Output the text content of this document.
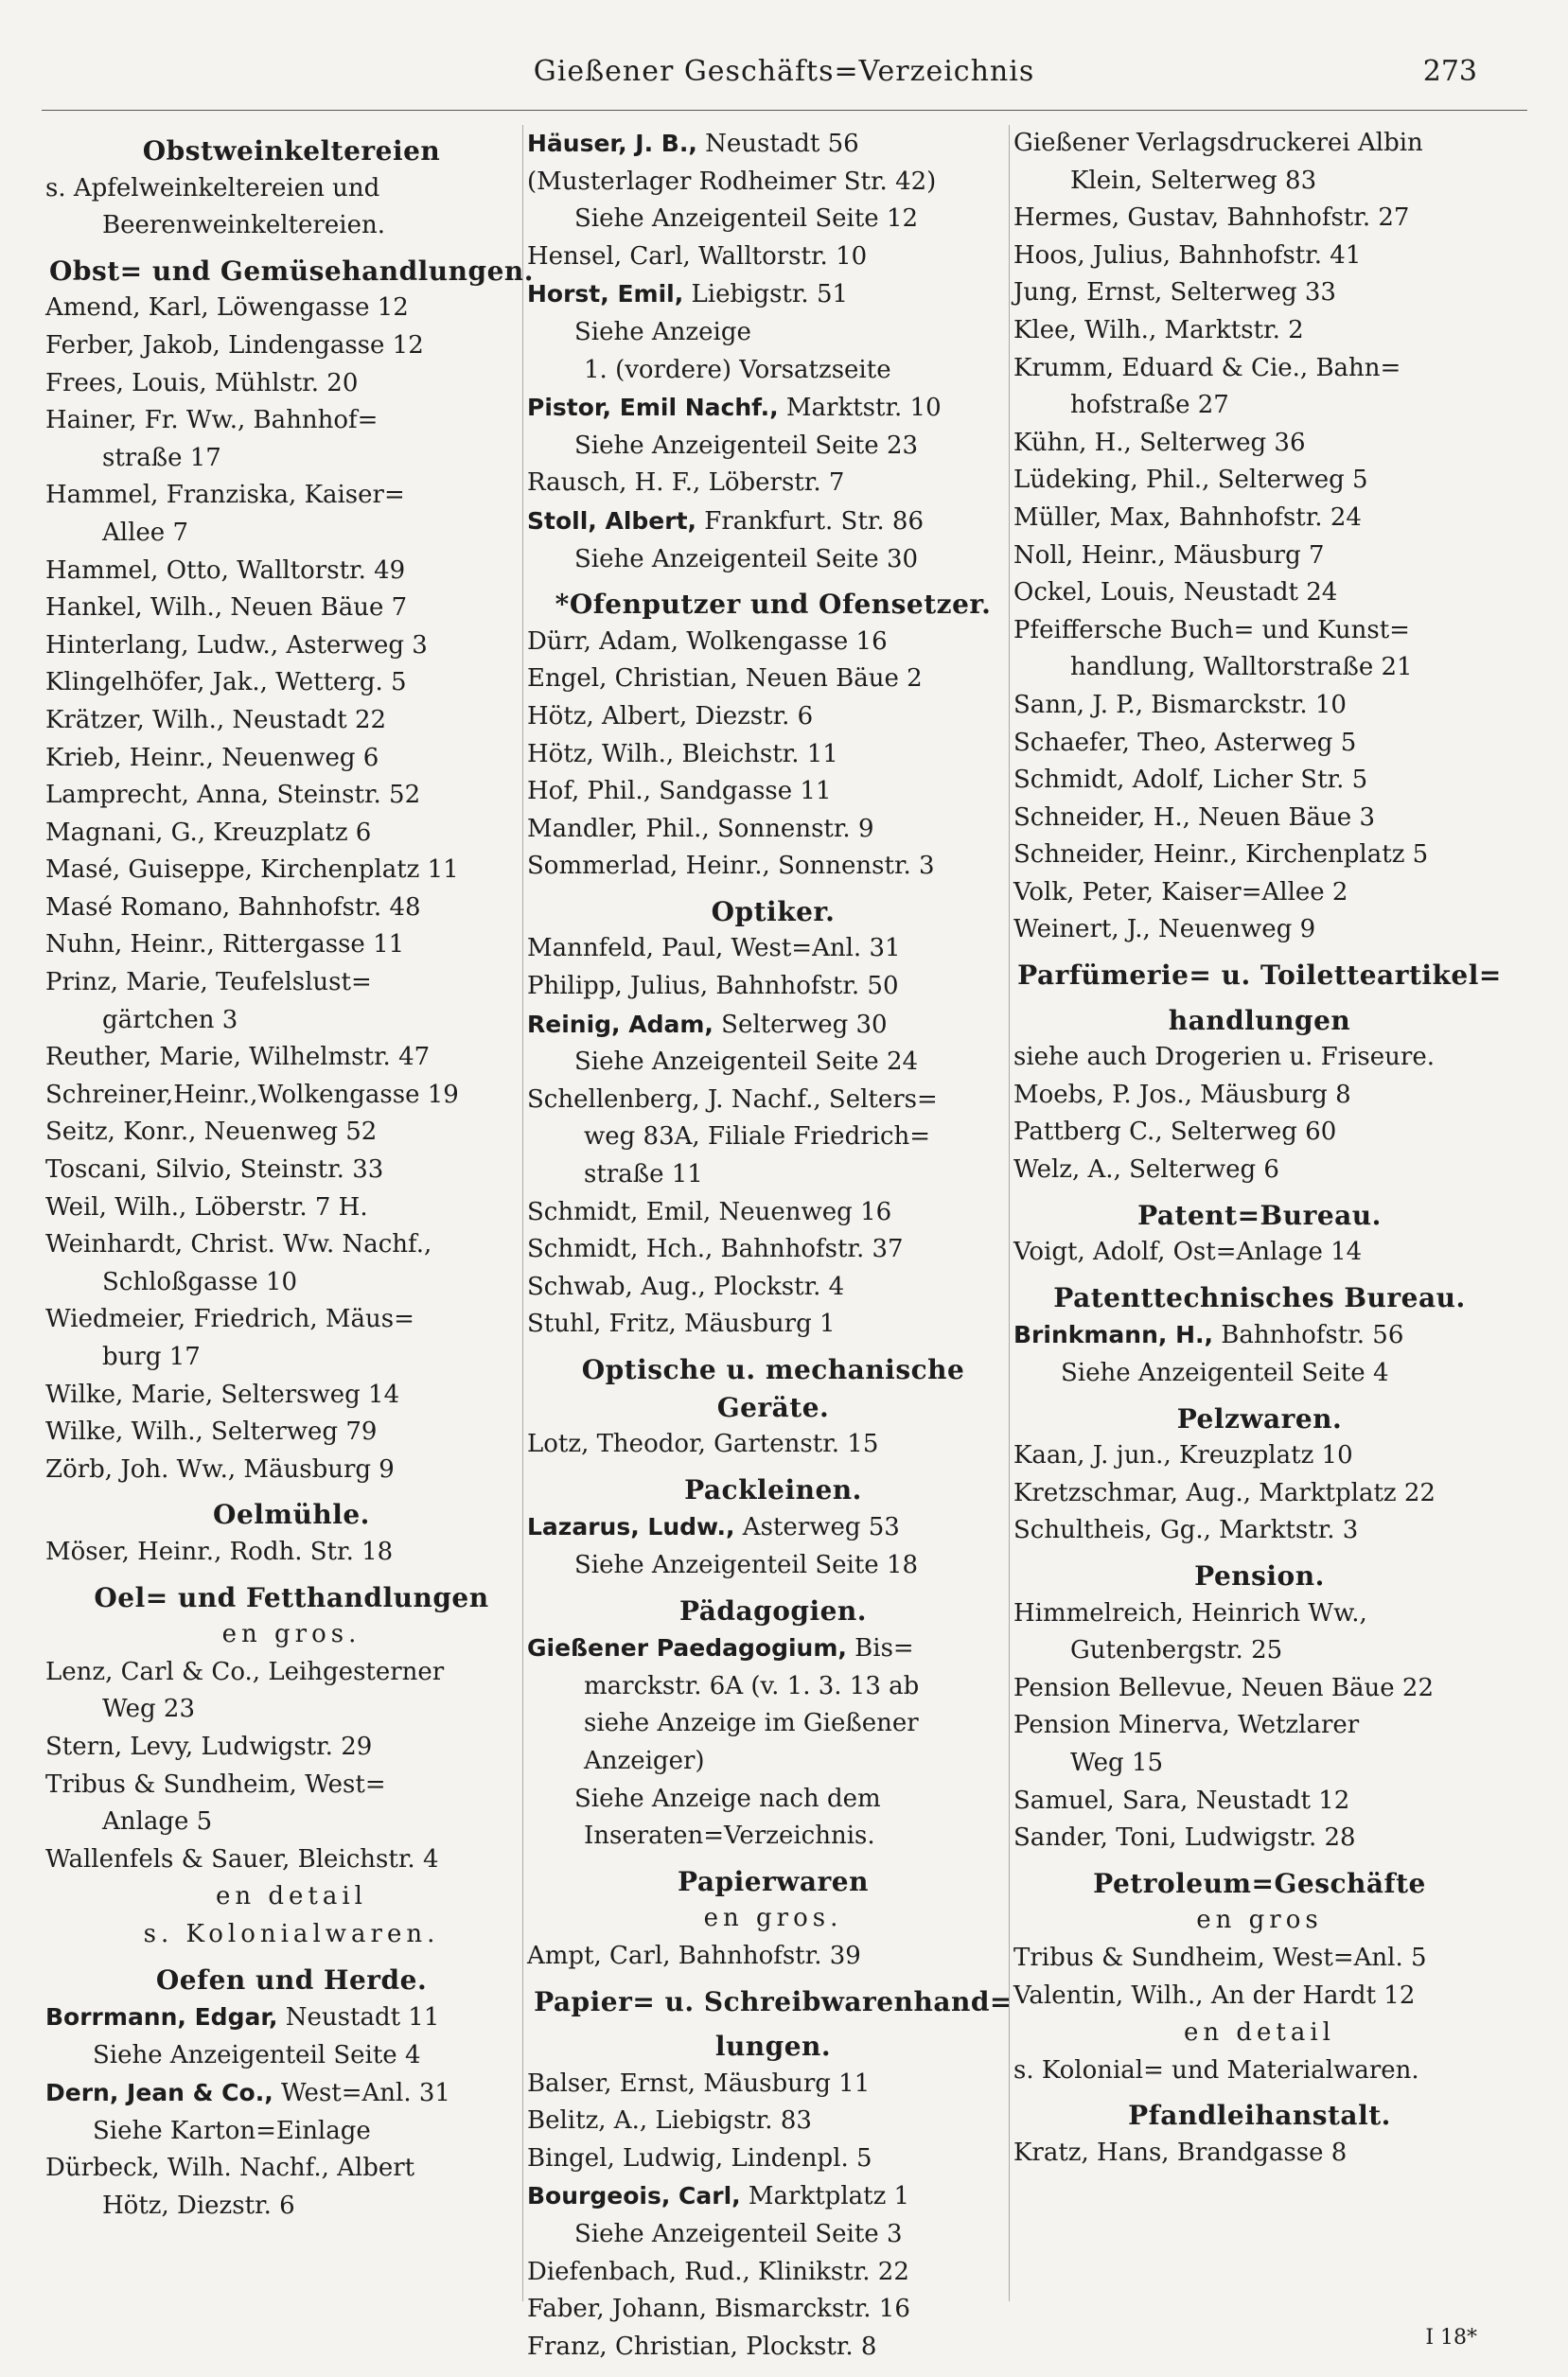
Gießener Geschäfts=Verzeichnis	273
Obstweinkeltereien
s. Apfelweinkeltereien und
Beerenweinkeltereien.
Obst= und Gemüsehandlungen.
Amend, Karl, Löwengasse 12
Ferber, Jakob, Lindengasse 12
Frees, Louis, Mühlstr. 20
Hainer, Fr. Ww., Bahnhof=
straße 17
Hammel, Franziska, Kaiser=
Allee 7
Hammel, Otto, Walltorstr. 49
Hankel, Wilh., Neuen Bäue 7
Hinterlang, Ludw., Asterweg 3
Klingelhöfer, Jak., Wetterg. 5
Krätzer, Wilh., Neustadt 22
Krieb, Heinr., Neuenweg 6
Lamprecht, Anna, Steinstr. 52
Magnani, G., Kreuzplatz 6
Masé, Guiseppe, Kirchenplatz 11
Masé Romano, Bahnhofstr. 48
Nuhn, Heinr., Rittergasse 11
Prinz, Marie, Teufelslust=
gärtchen 3
Reuther, Marie, Wilhelmstr. 47
Schreiner,Heinr.,Wolkengasse 19
Seitz, Konr., Neuenweg 52
Toscani, Silvio, Steinstr. 33
Weil, Wilh., Löberstr. 7 H.
Weinhardt, Christ. Ww. Nachf.,
Schloßgasse 10
Wiedmeier, Friedrich, Mäus=
burg 17
Wilke, Marie, Seltersweg 14
Wilke, Wilh., Selterweg 79
Zörb, Joh. Ww., Mäusburg 9
Oelmühle.
Möser, Heinr., Rodh. Str. 18
Oel= und Fetthandlungen
en gros.
Lenz, Carl & Co., Leihgesterner
Weg 23
Stern, Levy, Ludwigstr. 29
Tribus & Sundheim, West=
Anlage 5
Wallenfels & Sauer, Bleichstr. 4
en detail
s. Kolonialwaren.
Oefen und Herde.
Borrmann, Edgar, Neustadt 11
Siehe Anzeigenteil Seite 4
Dern, Jean & Co., West=Anl. 31
Siehe Karton=Einlage
Dürbeck, Wilh. Nachf., Albert
Hötz, Diezstr. 6
Häuser, J. B., Neustadt 56
(Musterlager Rodheimer Str. 42)
Siehe Anzeigenteil Seite 12
Hensel, Carl, Walltorstr. 10
Horst, Emil, Liebigstr. 51
Siehe Anzeige
1. (vordere) Vorsatzseite
Pistor, Emil Nachf., Marktstr. 10
Siehe Anzeigenteil Seite 23
Rausch, H. F., Löberstr. 7
Stoll, Albert, Frankfurt. Str. 86
Siehe Anzeigenteil Seite 30
*Ofenputzer und Ofensetzer.
Dürr, Adam, Wolkengasse 16
Engel, Christian, Neuen Bäue 2
Hötz, Albert, Diezstr. 6
Hötz, Wilh., Bleichstr. 11
Hof, Phil., Sandgasse 11
Mandler, Phil., Sonnenstr. 9
Sommerlad, Heinr., Sonnenstr. 3
Optiker.
Mannfeld, Paul, West=Anl. 31
Philipp, Julius, Bahnhofstr. 50
Reinig, Adam, Selterweg 30
Siehe Anzeigenteil Seite 24
Schellenberg, J. Nachf., Selters=
weg 83A, Filiale Friedrich=
straße 11
Schmidt, Emil, Neuenweg 16
Schmidt, Hch., Bahnhofstr. 37
Schwab, Aug., Plockstr. 4
Stuhl, Fritz, Mäusburg 1
Optische u. mechanische Geräte.
Lotz, Theodor, Gartenstr. 15
Packleinen.
Lazarus, Ludw., Asterweg 53
Siehe Anzeigenteil Seite 18
Pädagogien.
Gießener Paedagogium, Bis=
marckstr. 6A (v. 1. 3. 13 ab
siehe Anzeige im Gießener
Anzeiger)
Siehe Anzeige nach dem
Inseraten=Verzeichnis.
Papierwaren
en gros.
Ampt, Carl, Bahnhofstr. 39
Papier= u. Schreibwarenhand=
lungen.
Balser, Ernst, Mäusburg 11
Belitz, A., Liebigstr. 83
Bingel, Ludwig, Lindenpl. 5
Bourgeois, Carl, Marktplatz 1
Siehe Anzeigenteil Seite 3
Diefenbach, Rud., Klinikstr. 22
Faber, Johann, Bismarckstr. 16
Franz, Christian, Plockstr. 8
Gießener Verlagsdruckerei Albin
Klein, Selterweg 83
Hermes, Gustav, Bahnhofstr. 27
Hoos, Julius, Bahnhofstr. 41
Jung, Ernst, Selterweg 33
Klee, Wilh., Marktstr. 2
Krumm, Eduard & Cie., Bahn=
hofstraße 27
Kühn, H., Selterweg 36
Lüdeking, Phil., Selterweg 5
Müller, Max, Bahnhofstr. 24
Noll, Heinr., Mäusburg 7
Ockel, Louis, Neustadt 24
Pfeiffersche Buch= und Kunst=
handlung, Walltorstraße 21
Sann, J. P., Bismarckstr. 10
Schaefer, Theo, Asterweg 5
Schmidt, Adolf, Licher Str. 5
Schneider, H., Neuen Bäue 3
Schneider, Heinr., Kirchenplatz 5
Volk, Peter, Kaiser=Allee 2
Weinert, J., Neuenweg 9
Parfümerie= u. Toiletteartikel=
handlungen
siehe auch Drogerien u. Friseure.
Moebs, P. Jos., Mäusburg 8
Pattberg C., Selterweg 60
Welz, A., Selterweg 6
Patent=Bureau.
Voigt, Adolf, Ost=Anlage 14
Patenttechnisches Bureau.
Brinkmann, H., Bahnhofstr. 56
Siehe Anzeigenteil Seite 4
Pelzwaren.
Kaan, J. jun., Kreuzplatz 10
Kretzschmar, Aug., Marktplatz 22
Schultheis, Gg., Marktstr. 3
Pension.
Himmelreich, Heinrich Ww.,
Gutenbergstr. 25
Pension Bellevue, Neuen Bäue 22
Pension Minerva, Wetzlarer
Weg 15
Samuel, Sara, Neustadt 12
Sander, Toni, Ludwigstr. 28
Petroleum=Geschäfte
en gros
Tribus & Sundheim, West=Anl. 5
Valentin, Wilh., An der Hardt 12
en detail
s. Kolonial= und Materialwaren.
Pfandleihanstalt.
Kratz, Hans, Brandgasse 8
I 18*
